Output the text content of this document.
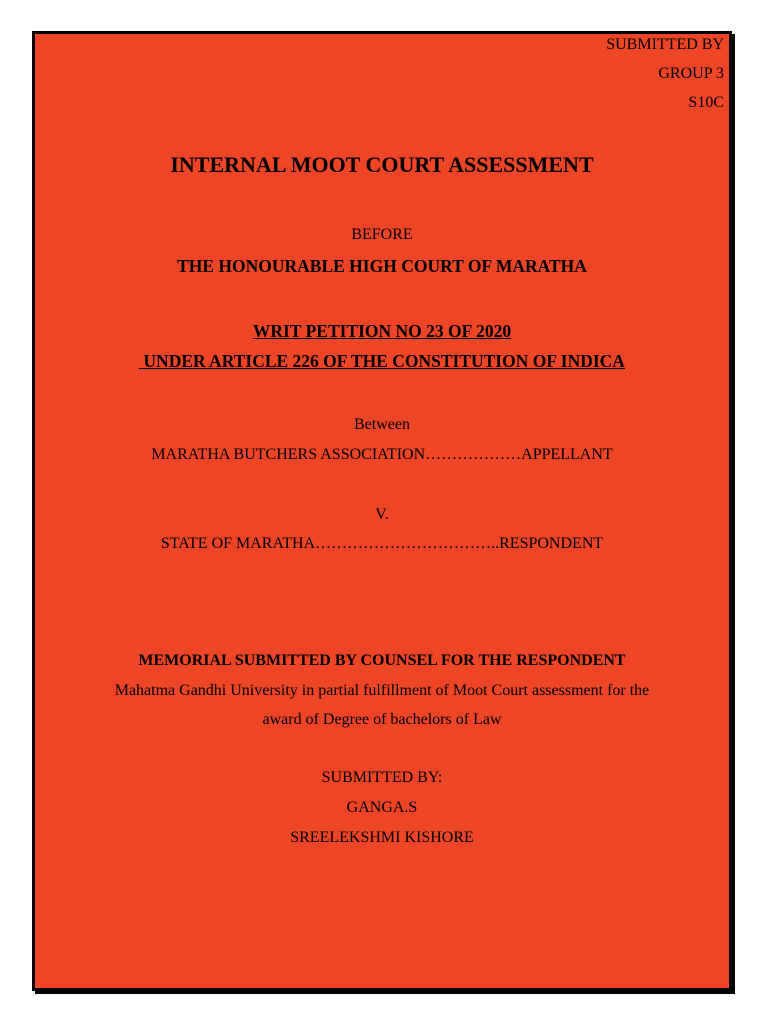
SUBMITTED BY
GROUP 3
S10C
INTERNAL MOOT COURT ASSESSMENT
BEFORE
THE HONOURABLE HIGH COURT OF MARATHA
WRIT PETITION NO 23 OF 2020
UNDER ARTICLE 226 OF THE CONSTITUTION OF INDICA
Between
MARATHA BUTCHERS ASSOCIATION………………APPELLANT
V.
STATE OF MARATHA……………………………..RESPONDENT
MEMORIAL SUBMITTED BY COUNSEL FOR THE RESPONDENT
Mahatma Gandhi University in partial fulfillment of Moot Court assessment for the
award of Degree of bachelors of Law
SUBMITTED BY:
GANGA.S
SREELEKSHMI KISHORE
